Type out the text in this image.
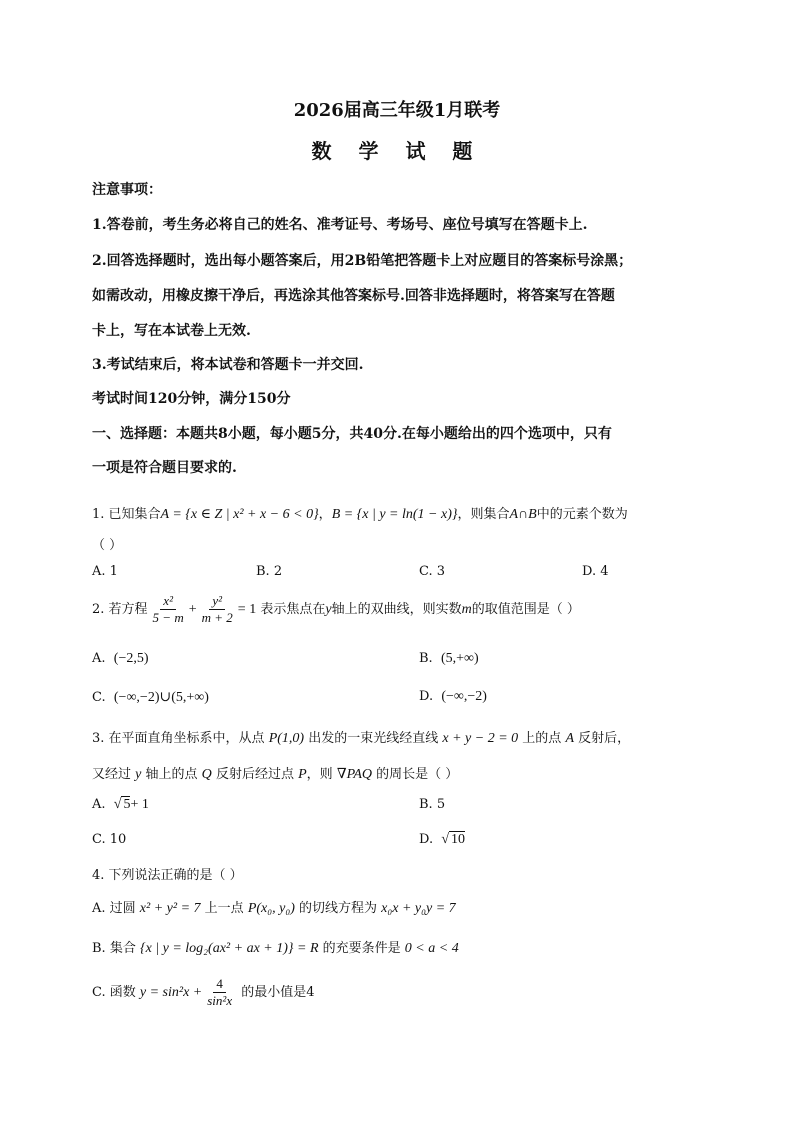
2026届高三年级1月联考
数 学 试 题
注意事项：
1.答卷前，考生务必将自己的姓名、准考证号、考场号、座位号填写在答题卡上.
2.回答选择题时，选出每小题答案后，用2B铅笔把答题卡上对应题目的答案标号涂黑；
如需改动，用橡皮擦干净后，再选涂其他答案标号.回答非选择题时，将答案写在答题
卡上，写在本试卷上无效.
3.考试结束后，将本试卷和答题卡一并交回.
考试时间120分钟，满分150分
一、选择题：本题共8小题，每小题5分，共40分.在每小题给出的四个选项中，只有
一项是符合题目要求的.
1. 已知集合A = {x ∈ Z | x² + x − 6 < 0}，B = {x | y = ln(1 − x)}，则集合A∩B中的元素个数为
（ ）
A. 1	B. 2	C. 3	D. 4
2. 若方程 $\frac{\text{x²}}{5 - m} + \frac{\text{y²}}{m + 2} = 1$ 表示焦点在y轴上的双曲线，则实数m的取值范围是（ ）
A. (−2,5)	B. (5,+∞)
C. (−∞,−2)∪(5,+∞)	D. (−∞,−2)
3. 在平面直角坐标系中，从点 P(1,0) 出发的一束光线经直线 x + y − 2 = 0 上的点 A 反射后，
又经过 y 轴上的点 Q 反射后经过点 P，则 ∇PAQ 的周长是（ ）
A. √ 5+ 1	B. 5
C. 10	D. √ 10
4. 下列说法正确的是（ ）
A. 过圆 x² + y² = 7 上一点 P(x₀, y₀) 的切线方程为 x₀x + y₀y = 7
B. 集合 {x | y = log₂(ax² + ax + 1)} = R 的充要条件是 0 < a < 4
C. 函数 $y = \sin^2x + \frac{4}{\text{sin²x}}$ 的最小值是4
